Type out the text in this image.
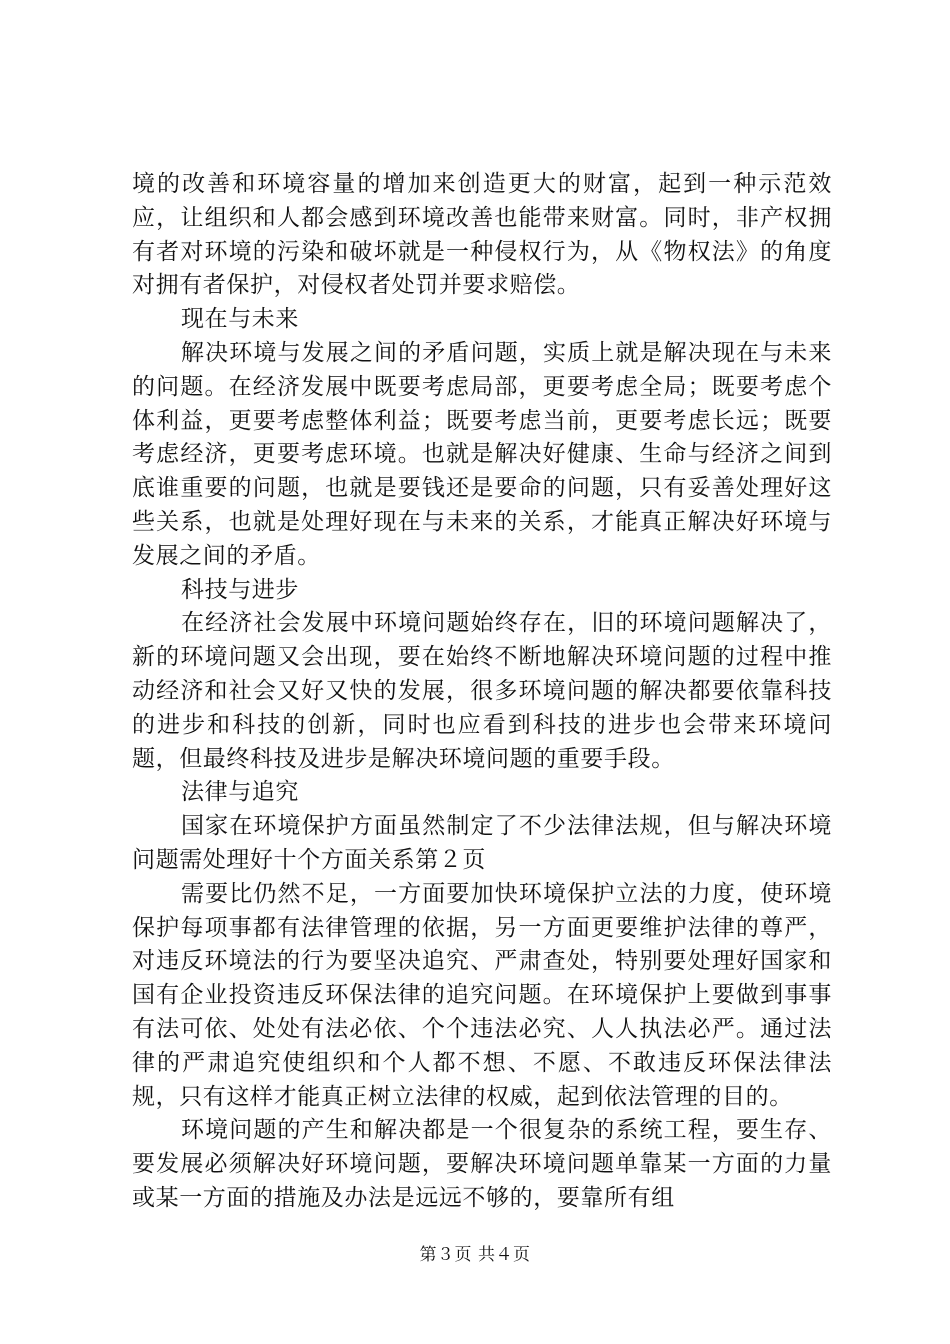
境的改善和环境容量的增加来创造更大的财富，起到一种示范效应，让组织和人都会感到环境改善也能带来财富。同时，非产权拥有者对环境的污染和破坏就是一种侵权行为，从《物权法》的角度对拥有者保护，对侵权者处罚并要求赔偿。

现在与未来

解决环境与发展之间的矛盾问题，实质上就是解决现在与未来的问题。在经济发展中既要考虑局部，更要考虑全局；既要考虑个体利益，更要考虑整体利益；既要考虑当前，更要考虑长远；既要考虑经济，更要考虑环境。也就是解决好健康、生命与经济之间到底谁重要的问题，也就是要钱还是要命的问题，只有妥善处理好这些关系，也就是处理好现在与未来的关系，才能真正解决好环境与发展之间的矛盾。

科技与进步

在经济社会发展中环境问题始终存在，旧的环境问题解决了，新的环境问题又会出现，要在始终不断地解决环境问题的过程中推动经济和社会又好又快的发展，很多环境问题的解决都要依靠科技的进步和科技的创新，同时也应看到科技的进步也会带来环境问题，但最终科技及进步是解决环境问题的重要手段。

法律与追究

国家在环境保护方面虽然制定了不少法律法规，但与解决环境问题需处理好十个方面关系第２页

需要比仍然不足，一方面要加快环境保护立法的力度，使环境保护每项事都有法律管理的依据，另一方面更要维护法律的尊严，对违反环境法的行为要坚决追究、严肃查处，特别要处理好国家和国有企业投资违反环保法律的追究问题。在环境保护上要做到事事有法可依、处处有法必依、个个违法必究、人人执法必严。通过法律的严肃追究使组织和个人都不想、不愿、不敢违反环保法律法规，只有这样才能真正树立法律的权威，起到依法管理的目的。

环境问题的产生和解决都是一个很复杂的系统工程，要生存、要发展必须解决好环境问题，要解决环境问题单靠某一方面的力量或某一方面的措施及办法是远远不够的，要靠所有组

第３页 共４页
